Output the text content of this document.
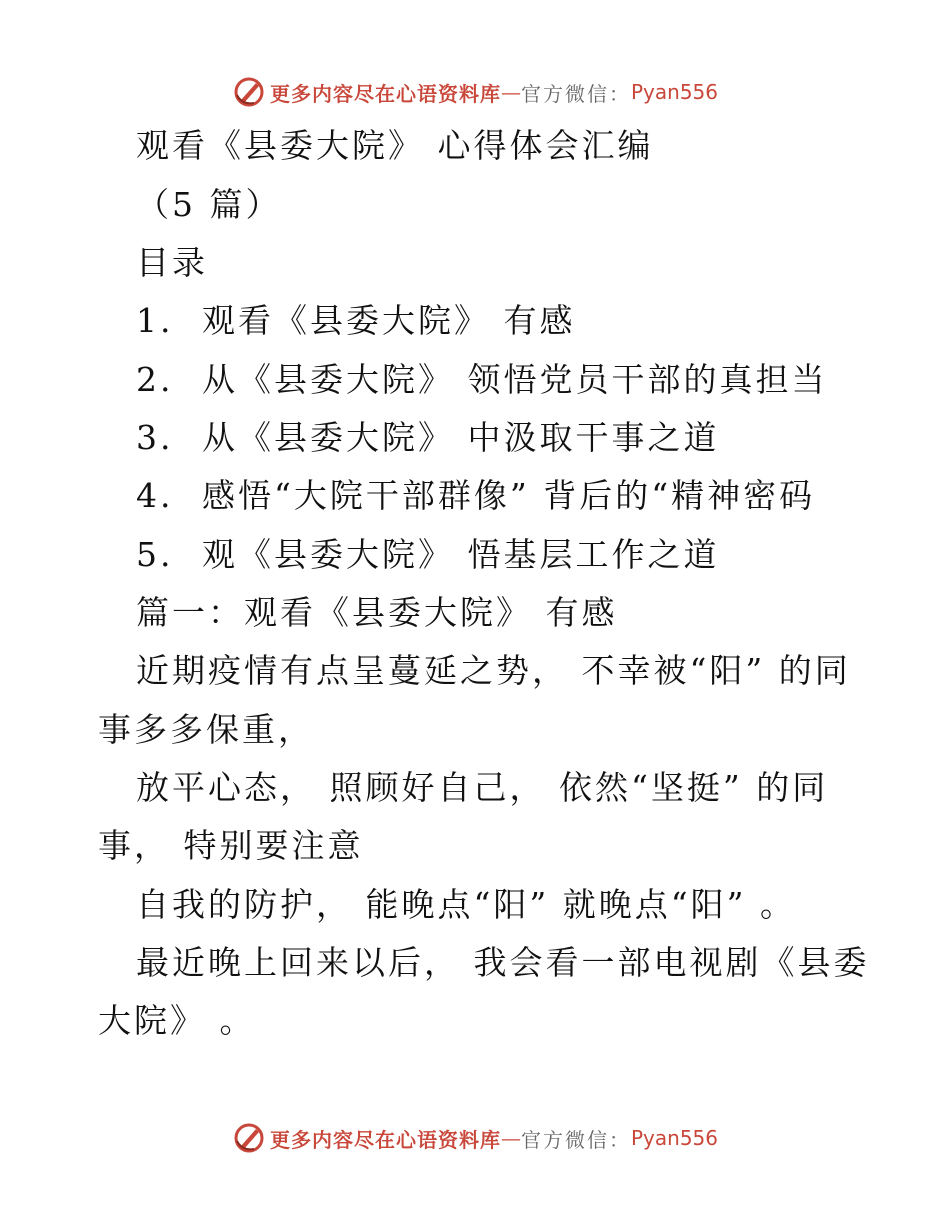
更多内容尽在心语资料库 — 官方微信： Pyan556
观看《县委大院》 心得体会汇编
（5 篇）
目录
1. 观看《县委大院》 有感
2. 从《县委大院》 领悟党员干部的真担当
3. 从《县委大院》 中汲取干事之道
4. 感悟“大院干部群像” 背后的“精神密码
5. 观《县委大院》 悟基层工作之道
篇一：观看《县委大院》 有感
近期疫情有点呈蔓延之势， 不幸被“阳” 的同
事多多保重，
放平心态， 照顾好自己， 依然“坚挺” 的同
事， 特别要注意
自我的防护， 能晚点“阳” 就晚点“阳” 。
最近晚上回来以后， 我会看一部电视剧《县委
大院》 。
更多内容尽在心语资料库 — 官方微信： Pyan556
